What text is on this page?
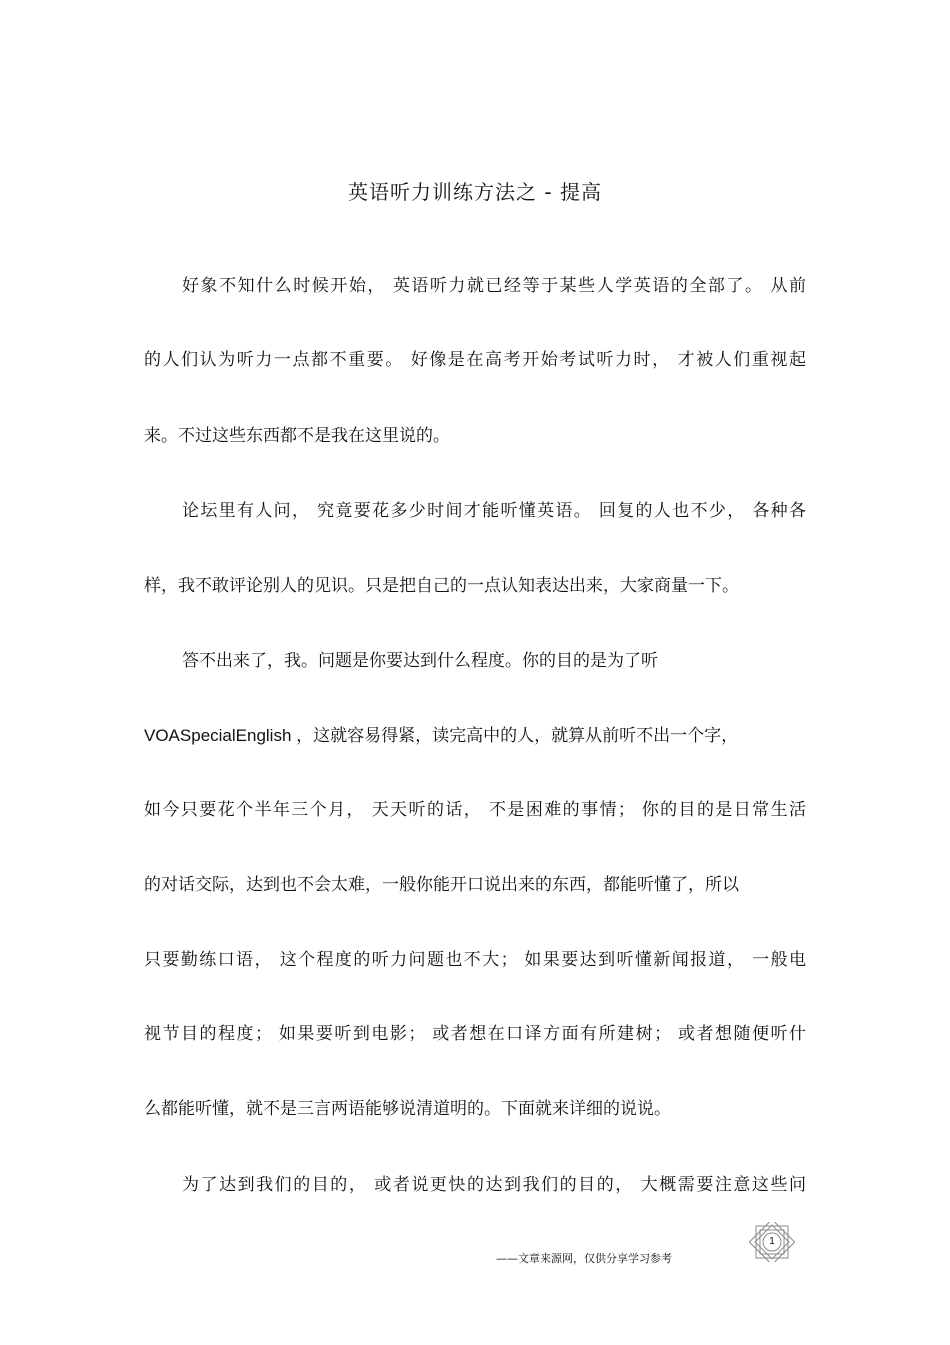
英语听力训练方法之 - 提高
好象不知什么时候开始， 英语听力就已经等于某些人学英语的全部了。 从前
的人们认为听力一点都不重要。 好像是在高考开始考试听力时， 才被人们重视起
来。不过这些东西都不是我在这里说的。
论坛里有人问， 究竟要花多少时间才能听懂英语。 回复的人也不少， 各种各
样，我不敢评论别人的见识。只是把自己的一点认知表达出来，大家商量一下。
答不出来了，我。问题是你要达到什么程度。你的目的是为了听
VOASpecialEnglish ，这就容易得紧，读完高中的人，就算从前听不出一个字，
如今只要花个半年三个月， 天天听的话， 不是困难的事情； 你的目的是日常生活
的对话交际，达到也不会太难，一般你能开口说出来的东西，都能听懂了，所以
只要勤练口语， 这个程度的听力问题也不大； 如果要达到听懂新闻报道， 一般电
视节目的程度； 如果要听到电影； 或者想在口译方面有所建树； 或者想随便听什
么都能听懂，就不是三言两语能够说清道明的。下面就来详细的说说。
为了达到我们的目的， 或者说更快的达到我们的目的， 大概需要注意这些问
——文章来源网，仅供分享学习参考
1
